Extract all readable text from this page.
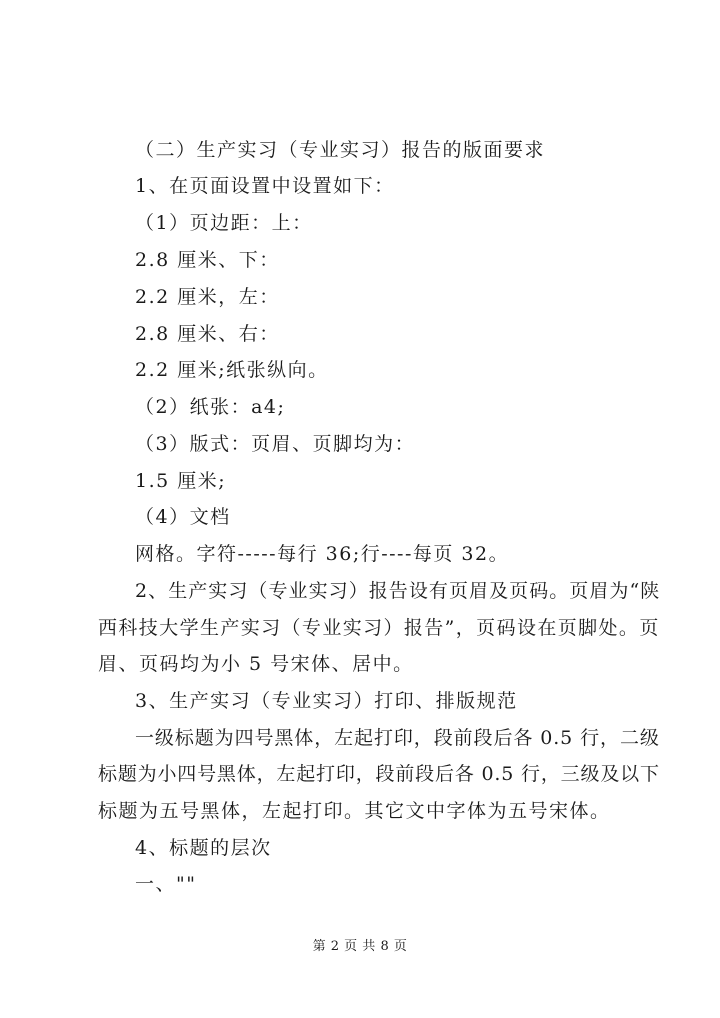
（二）生产实习（专业实习）报告的版面要求
1、在页面设置中设置如下：
（1）页边距：上：
2.8 厘米、下：
2.2 厘米，左：
2.8 厘米、右：
2.2 厘米;纸张纵向。
（2）纸张：a4;
（3）版式：页眉、页脚均为：
1.5 厘米;
（4）文档
网格。字符-----每行 36;行----每页 32。
2、生产实习（专业实习）报告设有页眉及页码。页眉为“陕
西科技大学生产实习（专业实习）报告”，页码设在页脚处。页
眉、页码均为小 5 号宋体、居中。
3、生产实习（专业实习）打印、排版规范
一级标题为四号黑体，左起打印，段前段后各 0.5 行，二级
标题为小四号黑体，左起打印，段前段后各 0.5 行，三级及以下
标题为五号黑体，左起打印。其它文中字体为五号宋体。
4、标题的层次
一、""
第 2 页 共 8 页
